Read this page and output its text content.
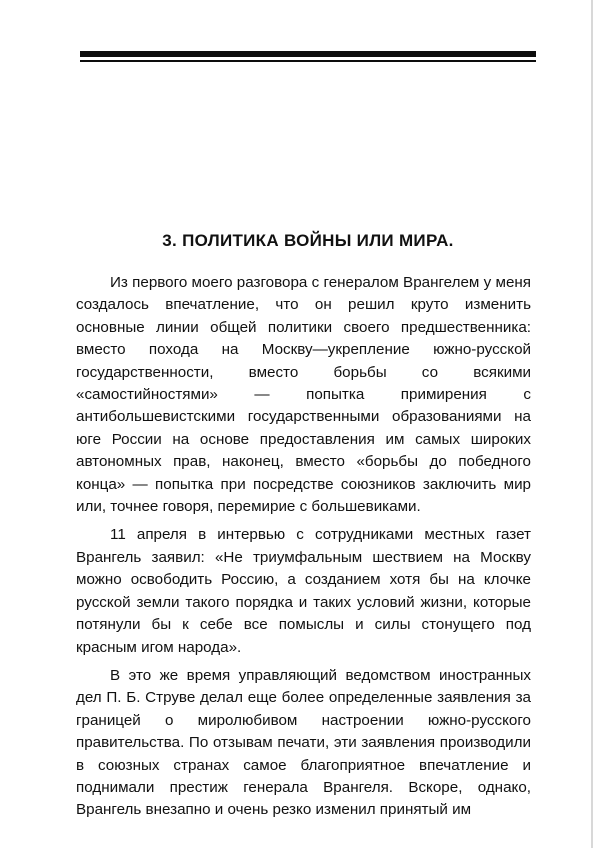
3. ПОЛИТИКА ВОЙНЫ ИЛИ МИРА.

Из первого моего разговора с генералом Врангелем у меня создалось впечатление, что он решил круто изменить основные линии общей политики своего предшественника: вместо похода на Москву—укрепление южно-русской государственности, вместо борьбы со всякими «самостийностями» — попытка примирения с антибольшевистскими государственными образованиями на юге России на основе предоставления им самых широких автономных прав, наконец, вместо «борьбы до победного конца» — попытка при посредстве союзников заключить мир или, точнее говоря, перемирие с большевиками.

11 апреля в интервью с сотрудниками местных газет Врангель заявил: «Не триумфальным шествием на Москву можно освободить Россию, а созданием хотя бы на клочке русской земли такого порядка и таких условий жизни, которые потянули бы к себе все помыслы и силы стонущего под красным игом народа».

В это же время управляющий ведомством иностранных дел П. Б. Струве делал еще более определенные заявления за границей о миролюбивом настроении южно-русского правительства. По отзывам печати, эти заявления производили в союзных странах самое благоприятное впечатление и поднимали престиж генерала Врангеля. Вскоре, однако, Врангель внезапно и очень резко изменил принятый им
